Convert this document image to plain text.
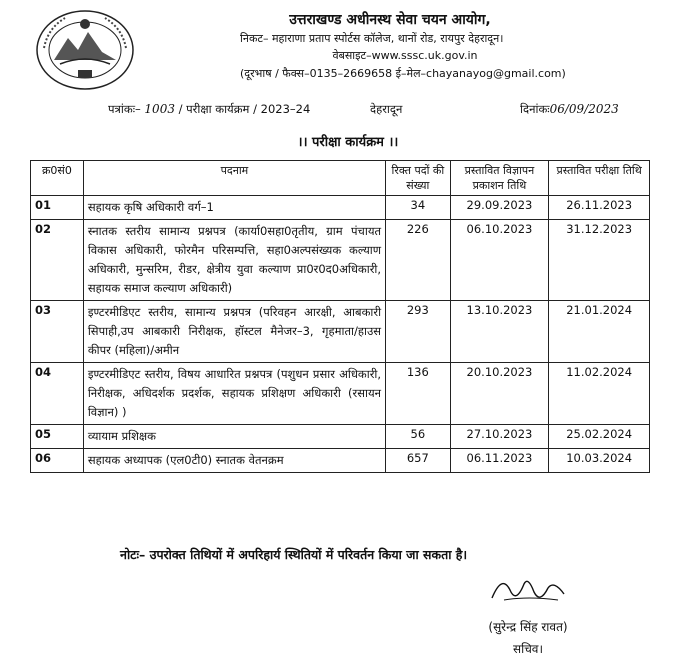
उत्तराखण्ड अधीनस्थ सेवा चयन आयोग,
निकट– महाराणा प्रताप स्पोर्टस कॉलेज, थानों रोड, रायपुर देहरादून।
वेबसाइट–www.sssc.uk.gov.in
(दूरभाष / फैक्स–0135–2669658 ई–मेल–chayanayog@gmail.com)
पत्रांकः– 1003 / परीक्षा कार्यक्रम / 2023–24	देहरादून	दिनांकः06/09/2023
।। परीक्षा कार्यक्रम ।।
क्र0सं0	पदनाम	रिक्त पदों की संख्या	प्रस्तावित विज्ञापन प्रकाशन तिथि	प्रस्तावित परीक्षा तिथि
01	सहायक कृषि अधिकारी वर्ग–1	34	29.09.2023	26.11.2023
02	स्नातक स्तरीय सामान्य प्रश्नपत्र (कार्या0सहा0तृतीय, ग्राम पंचायत विकास अधिकारी, फोरमैन परिसम्पत्ति, सहा0अल्पसंख्यक कल्याण अधिकारी, मुन्सरिम, रीडर, क्षेत्रीय युवा कल्याण प्रा0र0द0अधिकारी, सहायक समाज कल्याण अधिकारी)	226	06.10.2023	31.12.2023
03	इण्टरमीडिएट स्तरीय, सामान्य प्रश्नपत्र (परिवहन आरक्षी, आबकारी सिपाही,उप आबकारी निरीक्षक, हॉस्टल मैनेजर–3, गृहमाता/हाउस कीपर (महिला)/अमीन	293	13.10.2023	21.01.2024
04	इण्टरमीडिएट स्तरीय, विषय आधारित प्रश्नपत्र (पशुधन प्रसार अधिकारी, निरीक्षक, अधिदर्शक प्रदर्शक, सहायक प्रशिक्षण अधिकारी (रसायन विज्ञान) )	136	20.10.2023	11.02.2024
05	व्यायाम प्रशिक्षक	56	27.10.2023	25.02.2024
06	सहायक अध्यापक (एल0टी0) स्नातक वेतनक्रम	657	06.11.2023	10.03.2024
नोटः– उपरोक्त तिथियों में अपरिहार्य स्थितियों में परिवर्तन किया जा सकता है।
(सुरेन्द्र सिंह रावत)
सचिव।
